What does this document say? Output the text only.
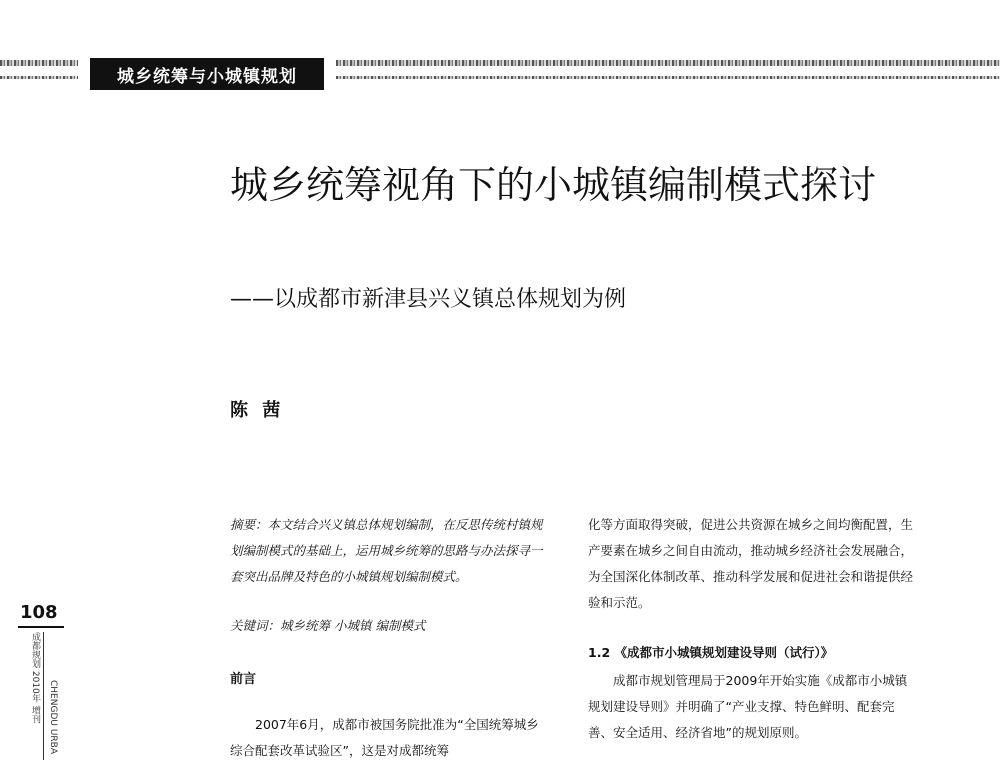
城乡统筹与小城镇规划
城乡统筹视角下的小城镇编制模式探讨
——以成都市新津县兴义镇总体规划为例
陈 茜
摘要：本文结合兴义镇总体规划编制，在反思传统村镇规划编制模式的基础上，运用城乡统筹的思路与办法探寻一套突出品牌及特色的小城镇规划编制模式。
关键词：城乡统筹 小城镇 编制模式
前言
2007年6月，成都市被国务院批准为“全国统筹城乡综合配套改革试验区”，这是对成都统筹
化等方面取得突破，促进公共资源在城乡之间均衡配置，生产要素在城乡之间自由流动，推动城乡经济社会发展融合，为全国深化体制改革、推动科学发展和促进社会和谐提供经验和示范。
1.2 《成都市小城镇规划建设导则（试行）》
成都市规划管理局于2009年开始实施《成都市小城镇规划建设导则》并明确了“产业支撑、特色鲜明、配套完善、安全适用、经济省地”的规划原则。
108
成都规划 2010年 增刊 CHENGDU URBA
